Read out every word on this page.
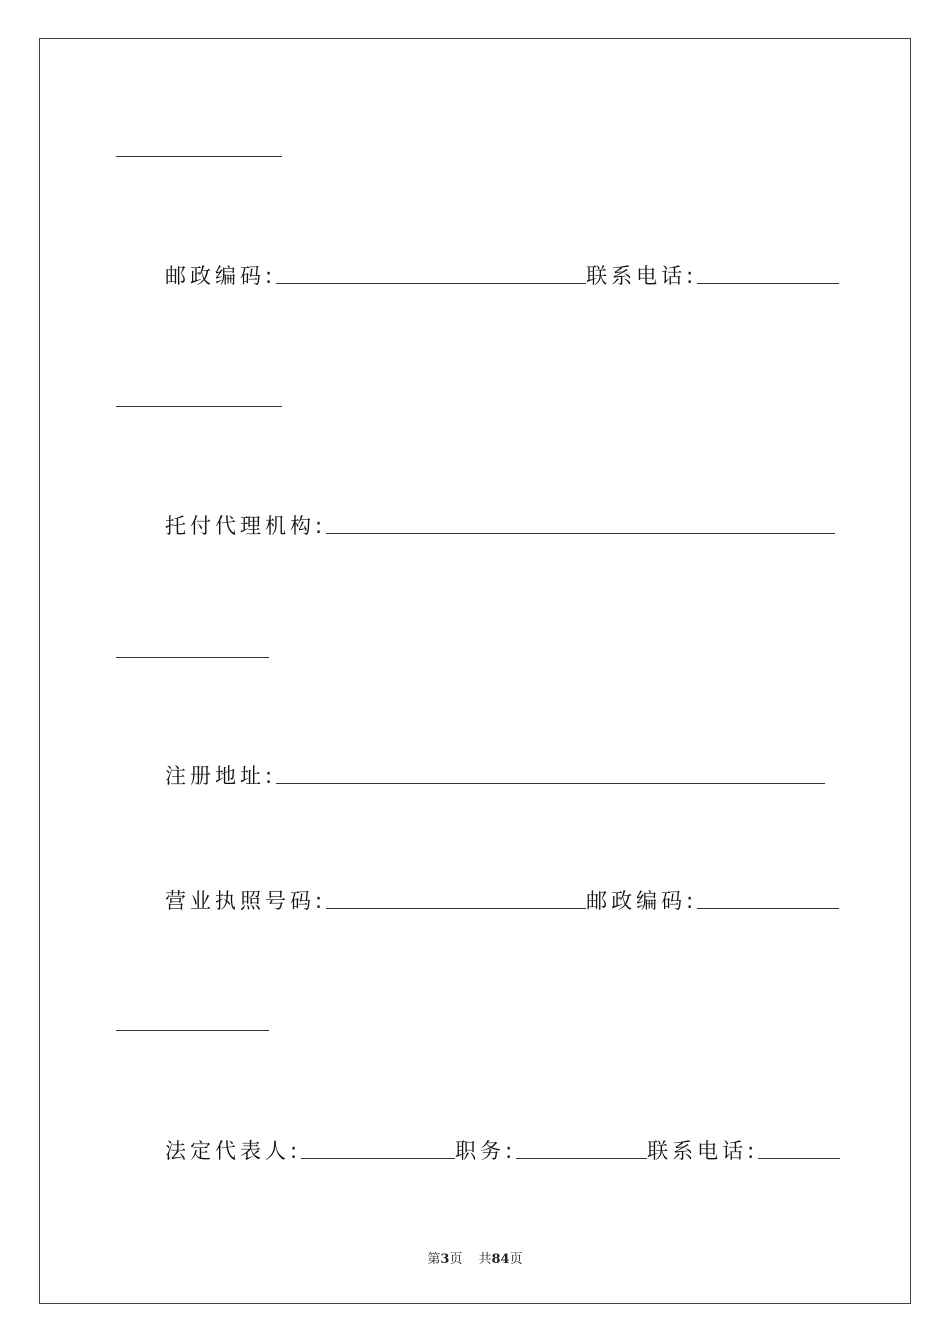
邮政编码:	联系电话:
托付代理机构:
注册地址:
营业执照号码:	邮政编码:
法定代表人:	职务:	联系电话:
第3页 共84页
